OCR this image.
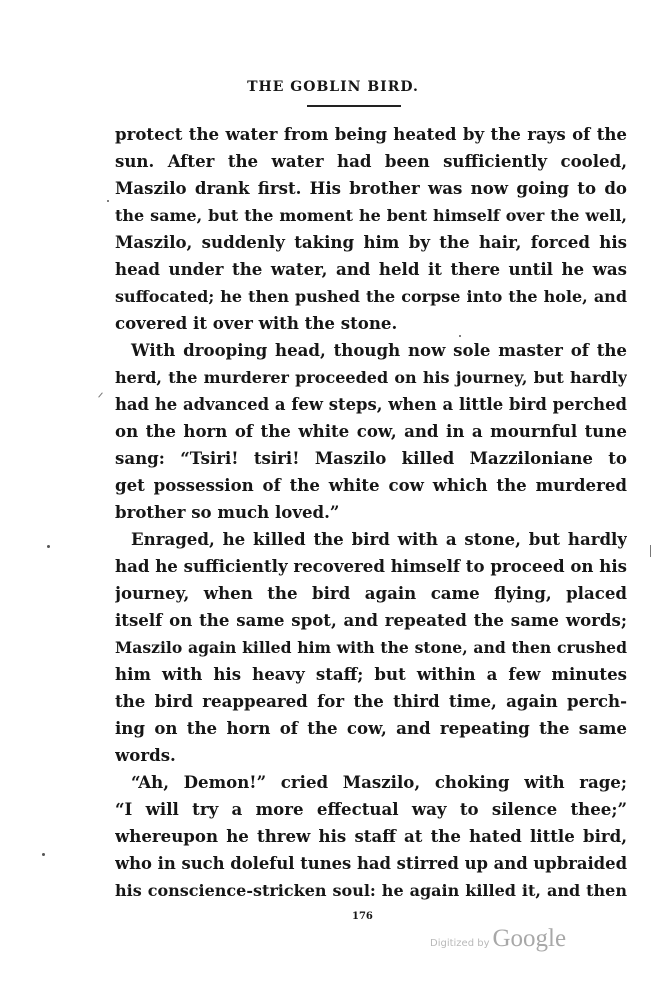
THE GOBLIN BIRD.
protect the water from being heated by the rays of the
sun. After the water had been sufficiently cooled,
Maszilo drank first. His brother was now going to do
the same, but the moment he bent himself over the well,
Maszilo, suddenly taking him by the hair, forced his
head under the water, and held it there until he was
suffocated; he then pushed the corpse into the hole, and
covered it over with the stone.
With drooping head, though now sole master of the
herd, the murderer proceeded on his journey, but hardly
had he advanced a few steps, when a little bird perched
on the horn of the white cow, and in a mournful tune
sang: “Tsiri! tsiri! Maszilo killed Mazziloniane to
get possession of the white cow which the murdered
brother so much loved.”
Enraged, he killed the bird with a stone, but hardly
had he sufficiently recovered himself to proceed on his
journey, when the bird again came flying, placed
itself on the same spot, and repeated the same words;
Maszilo again killed him with the stone, and then crushed
him with his heavy staff; but within a few minutes
the bird reappeared for the third time, again perch-
ing on the horn of the cow, and repeating the same
words.
“Ah, Demon!” cried Maszilo, choking with rage;
“I will try a more effectual way to silence thee;”
whereupon he threw his staff at the hated little bird,
who in such doleful tunes had stirred up and upbraided
his conscience-stricken soul: he again killed it, and then
176
Digitized by Google
